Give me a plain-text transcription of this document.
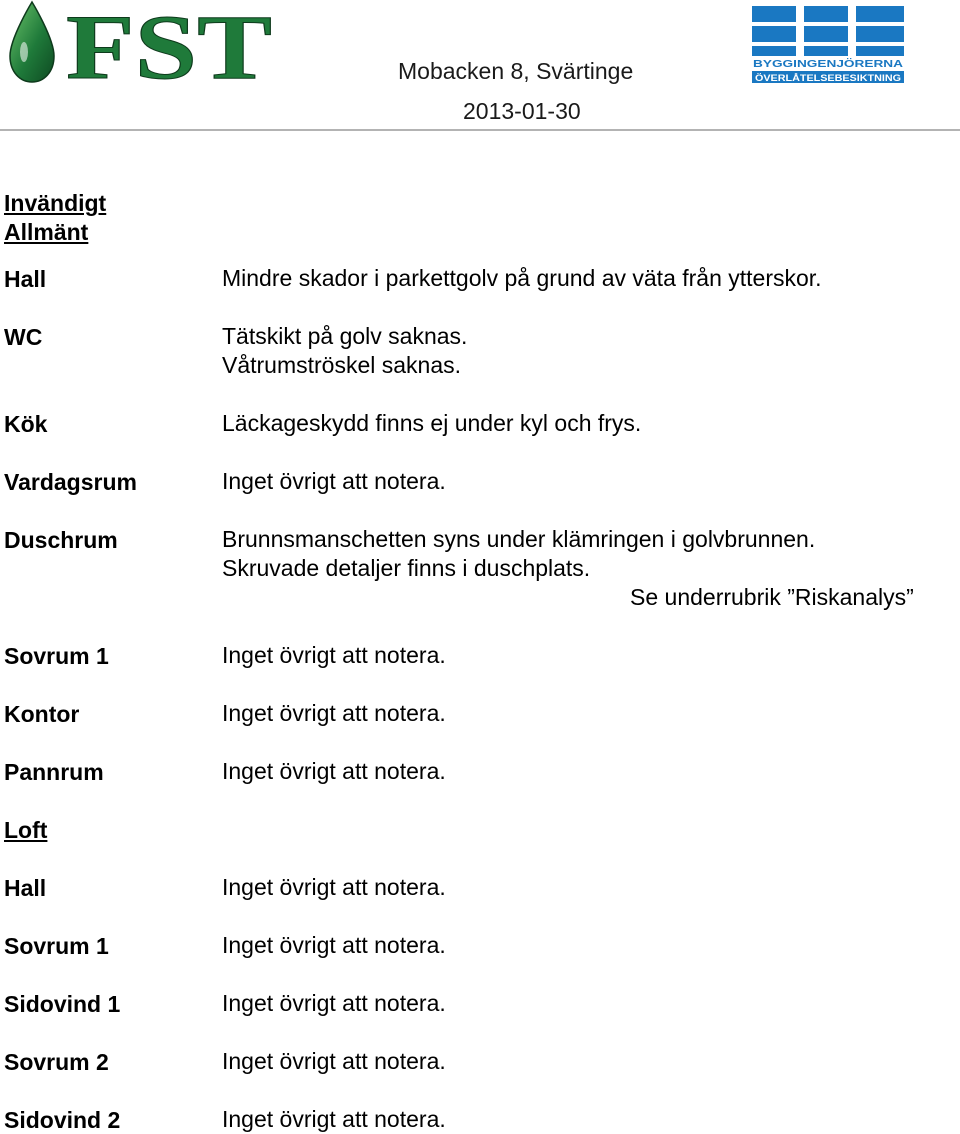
FST	BYGGINGENJÖRERNA
ÖVERLÅTELSEBESIKTNING
Mobacken 8, Svärtinge
2013-01-30
Invändigt
Allmänt
Hall	Mindre skador i parkettgolv på grund av väta från ytterskor.
WC	Tätskikt på golv saknas.
Våtrumströskel saknas.
Kök	Läckageskydd finns ej under kyl och frys.
Vardagsrum	Inget övrigt att notera.
Duschrum	Brunnsmanschetten syns under klämringen i golvbrunnen.
Skruvade detaljer finns i duschplats.
Se underrubrik ”Riskanalys”
Sovrum 1	Inget övrigt att notera.
Kontor	Inget övrigt att notera.
Pannrum	Inget övrigt att notera.
Loft
Hall	Inget övrigt att notera.
Sovrum 1	Inget övrigt att notera.
Sidovind 1	Inget övrigt att notera.
Sovrum 2	Inget övrigt att notera.
Sidovind 2	Inget övrigt att notera.
